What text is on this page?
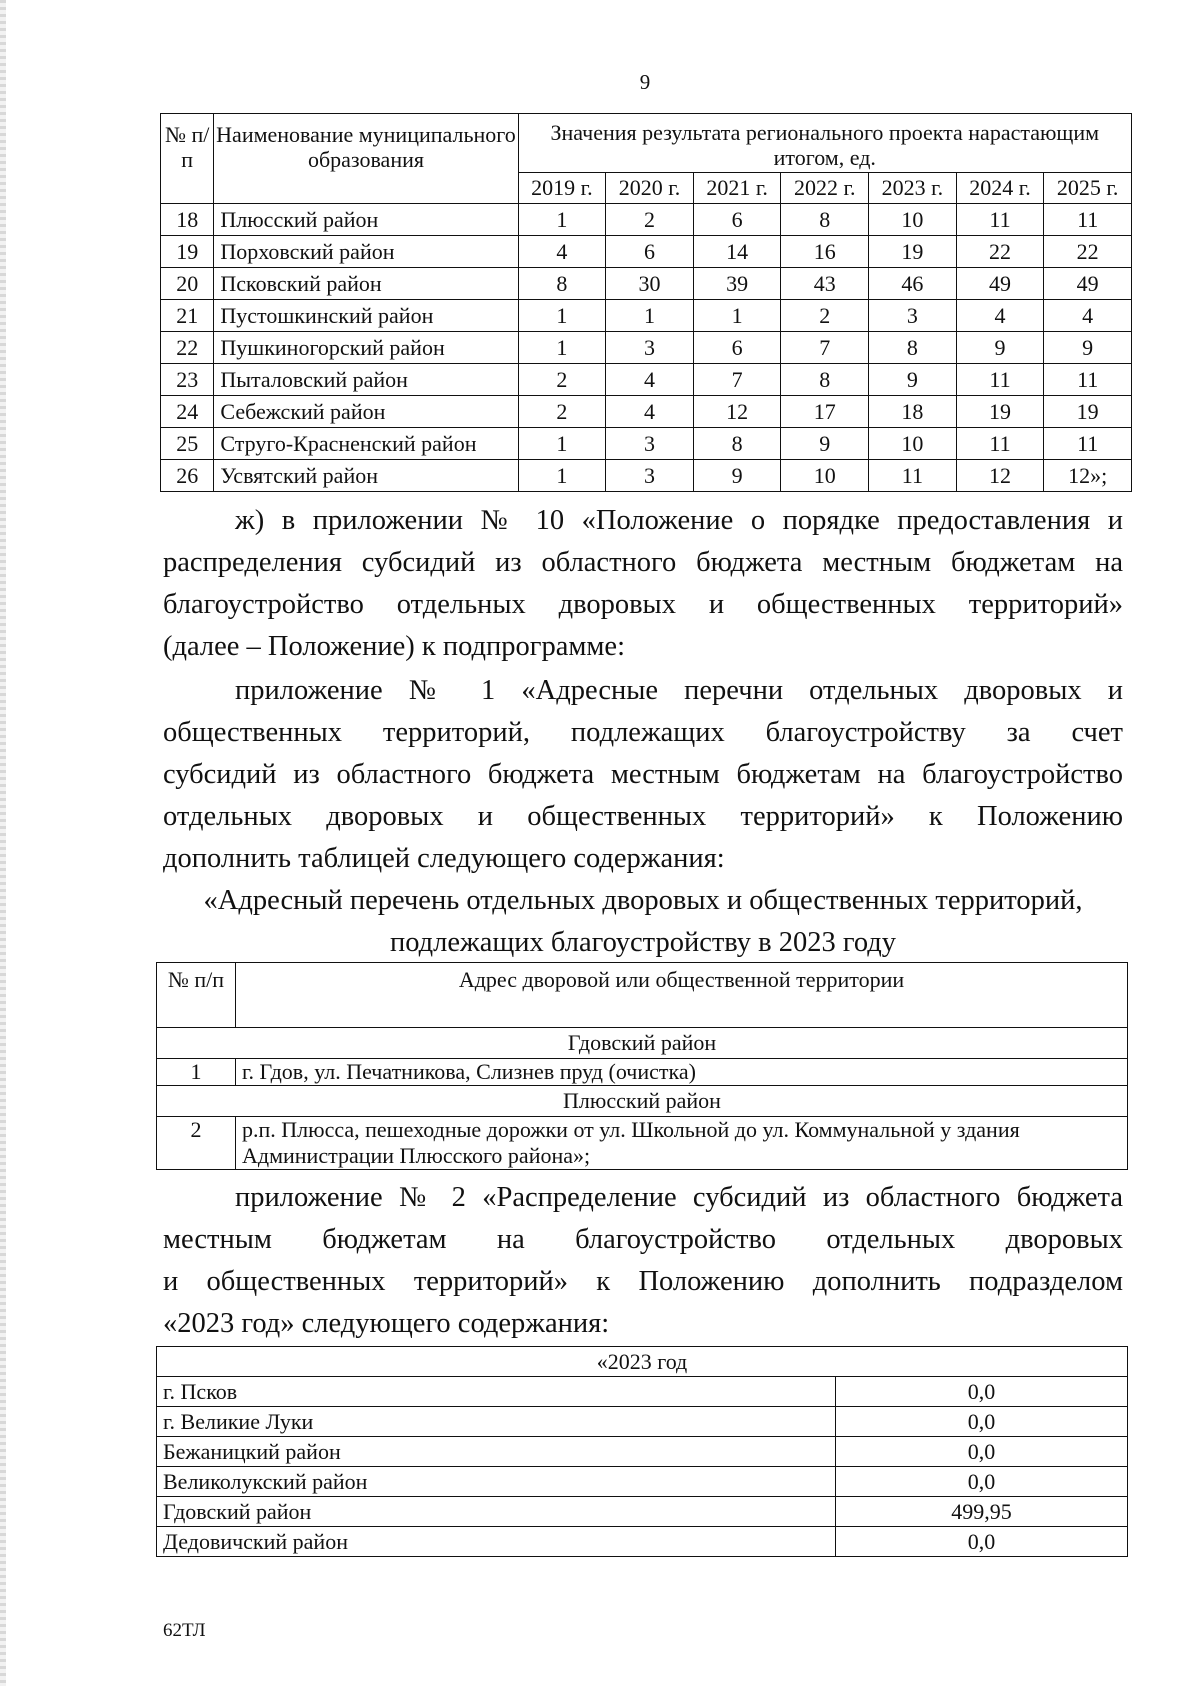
9
№ п/п	Наименование муниципального образования	Значения результата регионального проекта нарастающим итогом, ед.						
		2019 г.	2020 г.	2021 г.	2022 г.	2023 г.	2024 г.	2025 г.
18	Плюсский район	1	2	6	8	10	11	11
19	Порховский район	4	6	14	16	19	22	22
20	Псковский район	8	30	39	43	46	49	49
21	Пустошкинский район	1	1	1	2	3	4	4
22	Пушкиногорский район	1	3	6	7	8	9	9
23	Пыталовский район	2	4	7	8	9	11	11
24	Себежский район	2	4	12	17	18	19	19
25	Струго-Красненский район	1	3	8	9	10	11	11
26	Усвятский район	1	3	9	10	11	12	12»;
ж) в приложении № 10 «Положение о порядке предоставления и
распределения субсидий из областного бюджета местным бюджетам на
благоустройство отдельных дворовых и общественных территорий»
(далее – Положение) к подпрограмме:
приложение № 1 «Адресные перечни отдельных дворовых и
общественных территорий, подлежащих благоустройству за счет
субсидий из областного бюджета местным бюджетам на благоустройство
отдельных дворовых и общественных территорий» к Положению
дополнить таблицей следующего содержания:
«Адресный перечень отдельных дворовых и общественных территорий,
подлежащих благоустройству в 2023 году
№ п/п	Адрес дворовой или общественной территории
Гдовский район	
1	г. Гдов, ул. Печатникова, Слизнев пруд (очистка)
Плюсский район	
2	р.п. Плюсса, пешеходные дорожки от ул. Школьной до ул. Коммунальной у здания Администрации Плюсского района»;
приложение № 2 «Распределение субсидий из областного бюджета
местным бюджетам на благоустройство отдельных дворовых
и общественных территорий» к Положению дополнить подразделом
«2023 год» следующего содержания:
«2023 год	
г. Псков	0,0
г. Великие Луки	0,0
Бежаницкий район	0,0
Великолукский район	0,0
Гдовский район	499,95
Дедовичский район	0,0
62ТЛ
